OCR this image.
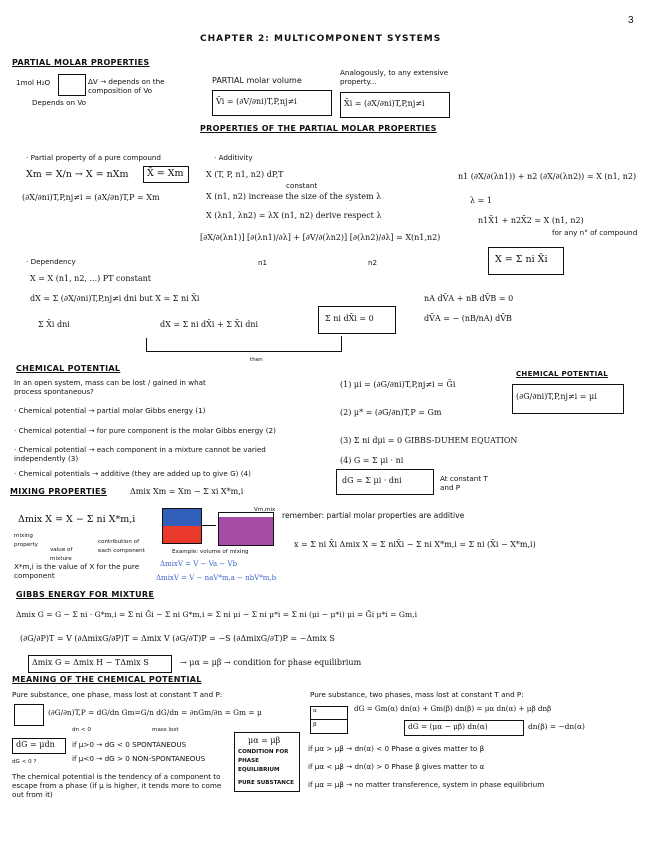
3
CHAPTER 2: MULTICOMPONENT SYSTEMS
PARTIAL MOLAR PROPERTIES
1mol H₂O	ΔV → depends on the composition of Vo
Depends on Vo
PARTIAL molar volume
V̄i = (∂V/∂ni)T,P,nj≠i
Analogously, to any extensive property...
X̄i = (∂X/∂ni)T,P,nj≠i
PROPERTIES OF THE PARTIAL MOLAR PROPERTIES
· Partial property of a pure compound
Xm = X/n → X = nXm X̄ = Xm
(∂X/∂ni)T,P,nj≠i = (∂X/∂n)T,P = Xm
· Additivity
X (T, P, n1, n2) dP,T
constant
X (n1, n2) increase the size of the system λ
X (λn1, λn2) = λX (n1, n2) derive respect λ
[∂X/∂(λn1)] [∂(λn1)/∂λ] + [∂V/∂(λn2)] [∂(λn2)/∂λ] = X(n1,n2)
n1	n2
n1 (∂X/∂(λn1)) + n2 (∂X/∂(λn2)) = X (n1, n2)
λ = 1
n1X̄1 + n2X̄2 = X (n1, n2)
for any n° of compound
X = Σ ni X̄i
· Dependency
X = X (n1, n2, ...) PT constant
dX = Σ (∂X/∂ni)T,P,nj≠i dni but X = Σ ni X̄i
Σ X̄i dni	dX = Σ ni dX̄i + Σ X̄i dni
Σ ni dX̄i = 0
then
nA dV̄A + nB dV̄B = 0
dV̄A = − (nB/nA) dV̄B
CHEMICAL POTENTIAL
In an open system, mass can be lost / gained in what process spontaneous?
· Chemical potential → partial molar Gibbs energy (1)
· Chemical potential → for pure component is the molar Gibbs energy (2)
· Chemical potential → each component in a mixture cannot be varied independently (3)
· Chemical potentials → additive (they are added up to give G) (4)
(1) μi = (∂G/∂ni)T,P,nj≠i = Ḡi
(2) μ* = (∂G/∂n)T,P = Gm
(3) Σ ni dμi = 0 GIBBS-DUHEM EQUATION
(4) G = Σ μi · ni
dG = Σ μi · dni	At constant T and P
CHEMICAL POTENTIAL
(∂G/∂ni)T,P,nj≠i = μi
MIXING PROPERTIES	Δmix Xm = Xm − Σ xi X*m,i
Δmix X = X − Σ ni X*m,i
mixing property
value of mixture
contribution of each component
X*m,i is the value of X for the pure component
Vm,mix
Example: volume of mixing
ΔmixV = V − Va − Vb
ΔmixV = V − naV*m,a − nbV*m,b
remember: partial molar properties are additive
x = Σ ni X̄i Δmix X = Σ niX̄i − Σ ni X*m,i = Σ ni (X̄i − X*m,i)
GIBBS ENERGY FOR MIXTURE
Δmix G = G − Σ ni · G*m,i = Σ ni Ḡi − Σ ni G*m,i = Σ ni μi − Σ ni μ*i = Σ ni (μi − μ*i) μi = Ḡi μ*i = Gm,i
(∂G/∂P)T = V (∂ΔmixG/∂P)T = Δmix V (∂G/∂T)P = −S (∂ΔmixG/∂T)P = −Δmix S
Δmix G = Δmix H − TΔmix S	→ μα = μβ → condition for phase equilibrium
MEANING OF THE CHEMICAL POTENTIAL
Pure substance, one phase, mass lost at constant T and P:
(∂G/∂n)T,P = dG/dn Gm=G/n dG/dn = ∂nGm/∂n = Gm = μ
dn < 0	mass lost
dG = μdn
dG < 0 ?
if μ>0 → dG < 0 SPONTANEOUS
if μ<0 → dG > 0 NON-SPONTANEOUS
μα = μβ
CONDITION FOR PHASE EQUILIBRIUM
PURE SUBSTANCE
The chemical potential is the tendency of a component to escape from a phase (if μ is higher, it tends more to come out from it)
Pure substance, two phases, mass lost at constant T and P:
α
β
dG = Gm(α) dn(α) + Gm(β) dn(β) = μα dn(α) + μβ dnβ
dG = (μα − μβ) dn(α)	dn(β) = −dn(α)
if μα > μβ → dn(α) < 0 Phase α gives matter to β
if μα < μβ → dn(α) > 0 Phase β gives matter to α
if μα = μβ → no matter transference, system in phase equilibrium
